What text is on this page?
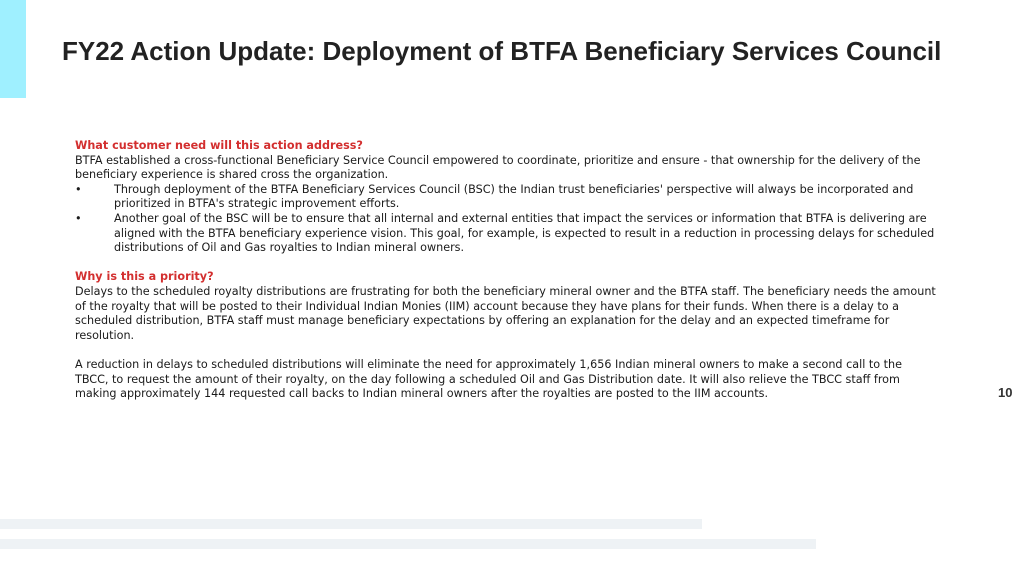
FY22 Action Update: Deployment of BTFA Beneficiary Services Council
What customer need will this action address?

BTFA established a cross-functional Beneficiary Service Council empowered to coordinate, prioritize and ensure - that ownership for the delivery of the beneficiary experience is shared cross the organization.

•	Through deployment of the BTFA Beneficiary Services Council (BSC) the Indian trust beneficiaries' perspective will always be incorporated and prioritized in BTFA's strategic improvement efforts.
•	Another goal of the BSC will be to ensure that all internal and external entities that impact the services or information that BTFA is delivering are aligned with the BTFA beneficiary experience vision. This goal, for example, is expected to result in a reduction in processing delays for scheduled distributions of Oil and Gas royalties to Indian mineral owners.
Why is this a priority?

Delays to the scheduled royalty distributions are frustrating for both the beneficiary mineral owner and the BTFA staff. The beneficiary needs the amount of the royalty that will be posted to their Individual Indian Monies (IIM) account because they have plans for their funds. When there is a delay to a scheduled distribution, BTFA staff must manage beneficiary expectations by offering an explanation for the delay and an expected timeframe for resolution.

A reduction in delays to scheduled distributions will eliminate the need for approximately 1,656 Indian mineral owners to make a second call to the TBCC, to request the amount of their royalty, on the day following a scheduled Oil and Gas Distribution date. It will also relieve the TBCC staff from making approximately 144 requested call backs to Indian mineral owners after the royalties are posted to the IIM accounts.	10
